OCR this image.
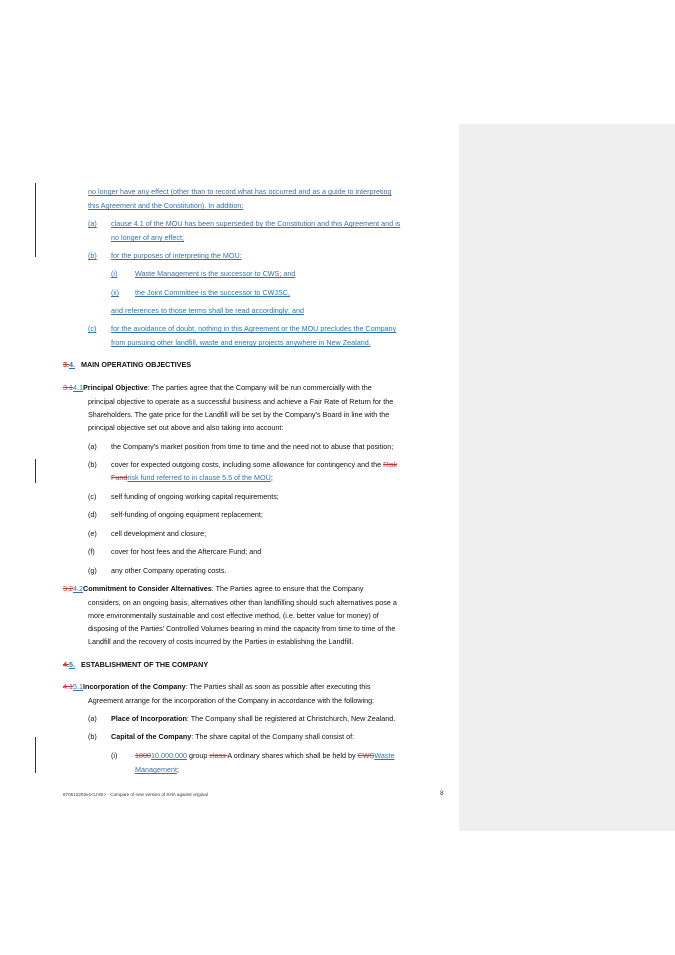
no longer have any effect (other than to record what has occurred and as a guide to interpreting
this Agreement and the Constitution). In addition:
(a) clause 4.1 of the MOU has been superseded by the Constitution and this Agreement and is
no longer of any effect;
(b) for the purposes of interpreting the MOU:
(i) Waste Management is the successor to CWS; and
(ii) the Joint Committee is the successor to CWJSC,
and references to those terms shall be read accordingly; and
(c) for the avoidance of doubt, nothing in this Agreement or the MOU precludes the Company
from pursuing other landfill, waste and energy projects anywhere in New Zealand.
3.4. MAIN OPERATING OBJECTIVES
3.14.1Principal Objective: The parties agree that the Company will be run commercially with the
principal objective to operate as a successful business and achieve a Fair Rate of Return for the
Shareholders. The gate price for the Landfill will be set by the Company's Board in line with the
principal objective set out above and also taking into account:
(a) the Company's market position from time to time and the need not to abuse that position;
(b) cover for expected outgoing costs, including some allowance for contingency and the Risk
Fundrisk fund referred to in clause 5.5 of the MOU;
(c) self funding of ongoing working capital requirements;
(d) self-funding of ongoing equipment replacement;
(e) cell development and closure;
(f) cover for host fees and the Aftercare Fund; and
(g) any other Company operating costs.
3.24.2Commitment to Consider Alternatives: The Parties agree to ensure that the Company
considers, on an ongoing basis, alternatives other than landfilling should such alternatives pose a
more environmentally sustainable and cost effective method, (i.e. better value for money) of
disposing of the Parties' Controlled Volumes bearing in mind the capacity from time to time of the
Landfill and the recovery of costs incurred by the Parties in establishing the Landfill.
4.5. ESTABLISHMENT OF THE COMPANY
4.15.1Incorporation of the Company: The Parties shall as soon as possible after executing this
Agreement arrange for the incorporation of the Company in accordance with the following:
(a) Place of Incorporation: The Company shall be registered at Christchurch, New Zealand.
(b) Capital of the Company: The share capital of the Company shall consist of:
(i) 100010,000,000 group class A ordinary shares which shall be held by CWSWaste
Management;
870512203v4<LIVE> - Compare of new version of SHA against original	8
